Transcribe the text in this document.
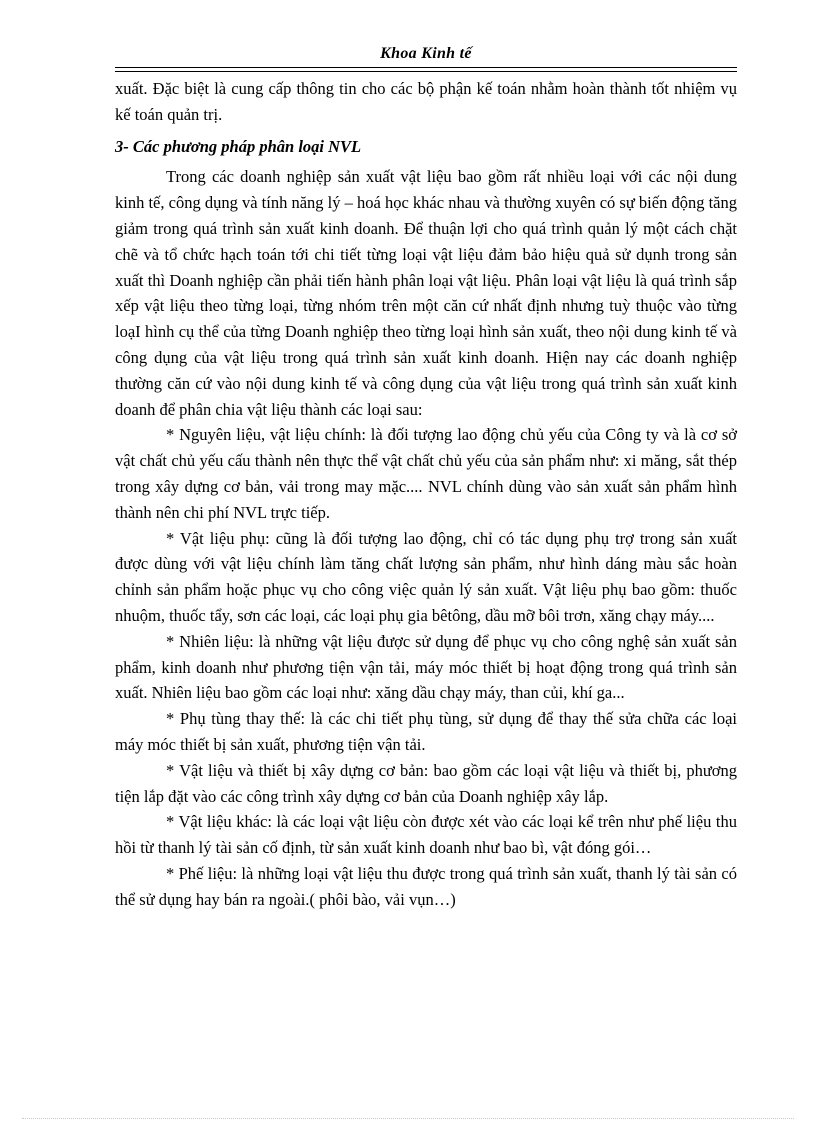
Khoa Kinh tế

xuất. Đặc biệt là cung cấp thông tin cho các bộ phận kế toán nhằm hoàn thành tốt nhiệm vụ kế toán quản trị.

3- Các phương pháp phân loại NVL

Trong các doanh nghiệp sản xuất vật liệu bao gồm rất nhiều loại với các nội dung kinh tế, công dụng và tính năng lý – hoá học khác nhau và thường xuyên có sự biến động tăng giảm trong quá trình sản xuất kinh doanh. Để thuận lợi cho quá trình quản lý một cách chặt chẽ và tổ chức hạch toán tới chi tiết từng loại vật liệu đảm bảo hiệu quả sử dụnh trong sản xuất thì Doanh nghiệp cần phải tiến hành phân loại vật liệu. Phân loại vật liệu là quá trình sắp xếp vật liệu theo từng loại, từng nhóm trên một căn cứ nhất định nhưng tuỳ thuộc vào từng loạI hình cụ thể của từng Doanh nghiệp theo từng loại hình sản xuất, theo nội dung kinh tế và công dụng của vật liệu trong quá trình sản xuất kinh doanh. Hiện nay các doanh nghiệp thường căn cứ vào nội dung kinh tế và công dụng của vật liệu trong quá trình sản xuất kinh doanh để phân chia vật liệu thành các loại sau:

* Nguyên liệu, vật liệu chính: là đối tượng lao động chủ yếu của Công ty và là cơ sở vật chất chủ yếu cấu thành nên thực thể vật chất chủ yếu của sản phẩm như: xi măng, sắt thép trong xây dựng cơ bản, vải trong may mặc.... NVL chính dùng vào sản xuất sản phẩm hình thành nên chi phí NVL trực tiếp.

* Vật liệu phụ: cũng là đối tượng lao động, chỉ có tác dụng phụ trợ trong sản xuất được dùng với vật liệu chính làm tăng chất lượng sản phẩm, như hình dáng màu sắc hoàn chỉnh sản phẩm hoặc phục vụ cho công việc quản lý sản xuất. Vật liệu phụ bao gồm: thuốc nhuộm, thuốc tẩy, sơn các loại, các loại phụ gia bêtông, dầu mỡ bôi trơn, xăng chạy máy....

* Nhiên liệu: là những vật liệu được sử dụng để phục vụ cho công nghệ sản xuất sản phẩm, kinh doanh như phương tiện vận tải, máy móc thiết bị hoạt động trong quá trình sản xuất. Nhiên liệu bao gồm các loại như: xăng dầu chạy máy, than củi, khí ga...

* Phụ tùng thay thế: là các chi tiết phụ tùng, sử dụng để thay thế sửa chữa các loại máy móc thiết bị sản xuất, phương tiện vận tải.

* Vật liệu và thiết bị xây dựng cơ bản: bao gồm các loại vật liệu và thiết bị, phương tiện lắp đặt vào các công trình xây dựng cơ bản của Doanh nghiệp xây lắp.

* Vật liệu khác: là các loại vật liệu còn được xét vào các loại kể trên như phế liệu thu hồi từ thanh lý tài sản cố định, từ sản xuất kinh doanh như bao bì, vật đóng gói…

* Phế liệu: là những loại vật liệu thu được trong quá trình sản xuất, thanh lý tài sản có thể sử dụng hay bán ra ngoài.( phôi bào, vải vụn…)
